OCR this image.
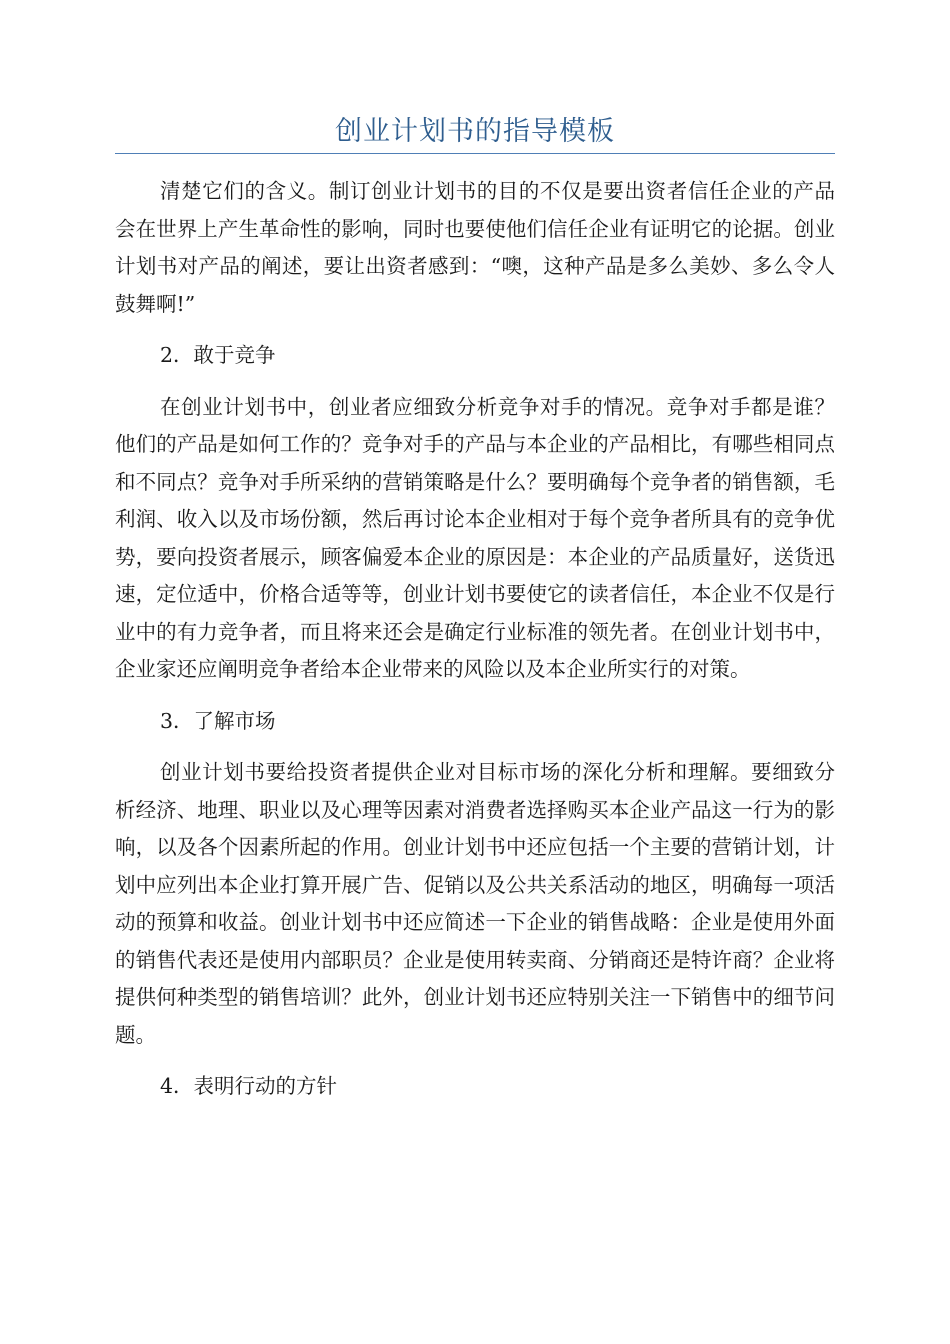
创业计划书的指导模板

清楚它们的含义。制订创业计划书的目的不仅是要出资者信任企业的产品会在世界上产生革命性的影响，同时也要使他们信任企业有证明它的论据。创业计划书对产品的阐述，要让出资者感到：“噢，这种产品是多么美妙、多么令人鼓舞啊!”

2．敢于竞争

在创业计划书中，创业者应细致分析竞争对手的情况。竞争对手都是谁？他们的产品是如何工作的？竞争对手的产品与本企业的产品相比，有哪些相同点和不同点？竞争对手所采纳的营销策略是什么？要明确每个竞争者的销售额，毛利润、收入以及市场份额，然后再讨论本企业相对于每个竞争者所具有的竞争优势，要向投资者展示，顾客偏爱本企业的原因是：本企业的产品质量好，送货迅速，定位适中，价格合适等等，创业计划书要使它的读者信任，本企业不仅是行业中的有力竞争者，而且将来还会是确定行业标准的领先者。在创业计划书中，企业家还应阐明竞争者给本企业带来的风险以及本企业所实行的对策。

3．了解市场

创业计划书要给投资者提供企业对目标市场的深化分析和理解。要细致分析经济、地理、职业以及心理等因素对消费者选择购买本企业产品这一行为的影响，以及各个因素所起的作用。创业计划书中还应包括一个主要的营销计划，计划中应列出本企业打算开展广告、促销以及公共关系活动的地区，明确每一项活动的预算和收益。创业计划书中还应简述一下企业的销售战略：企业是使用外面的销售代表还是使用内部职员？企业是使用转卖商、分销商还是特许商？企业将提供何种类型的销售培训？此外，创业计划书还应特别关注一下销售中的细节问题。

4．表明行动的方针
